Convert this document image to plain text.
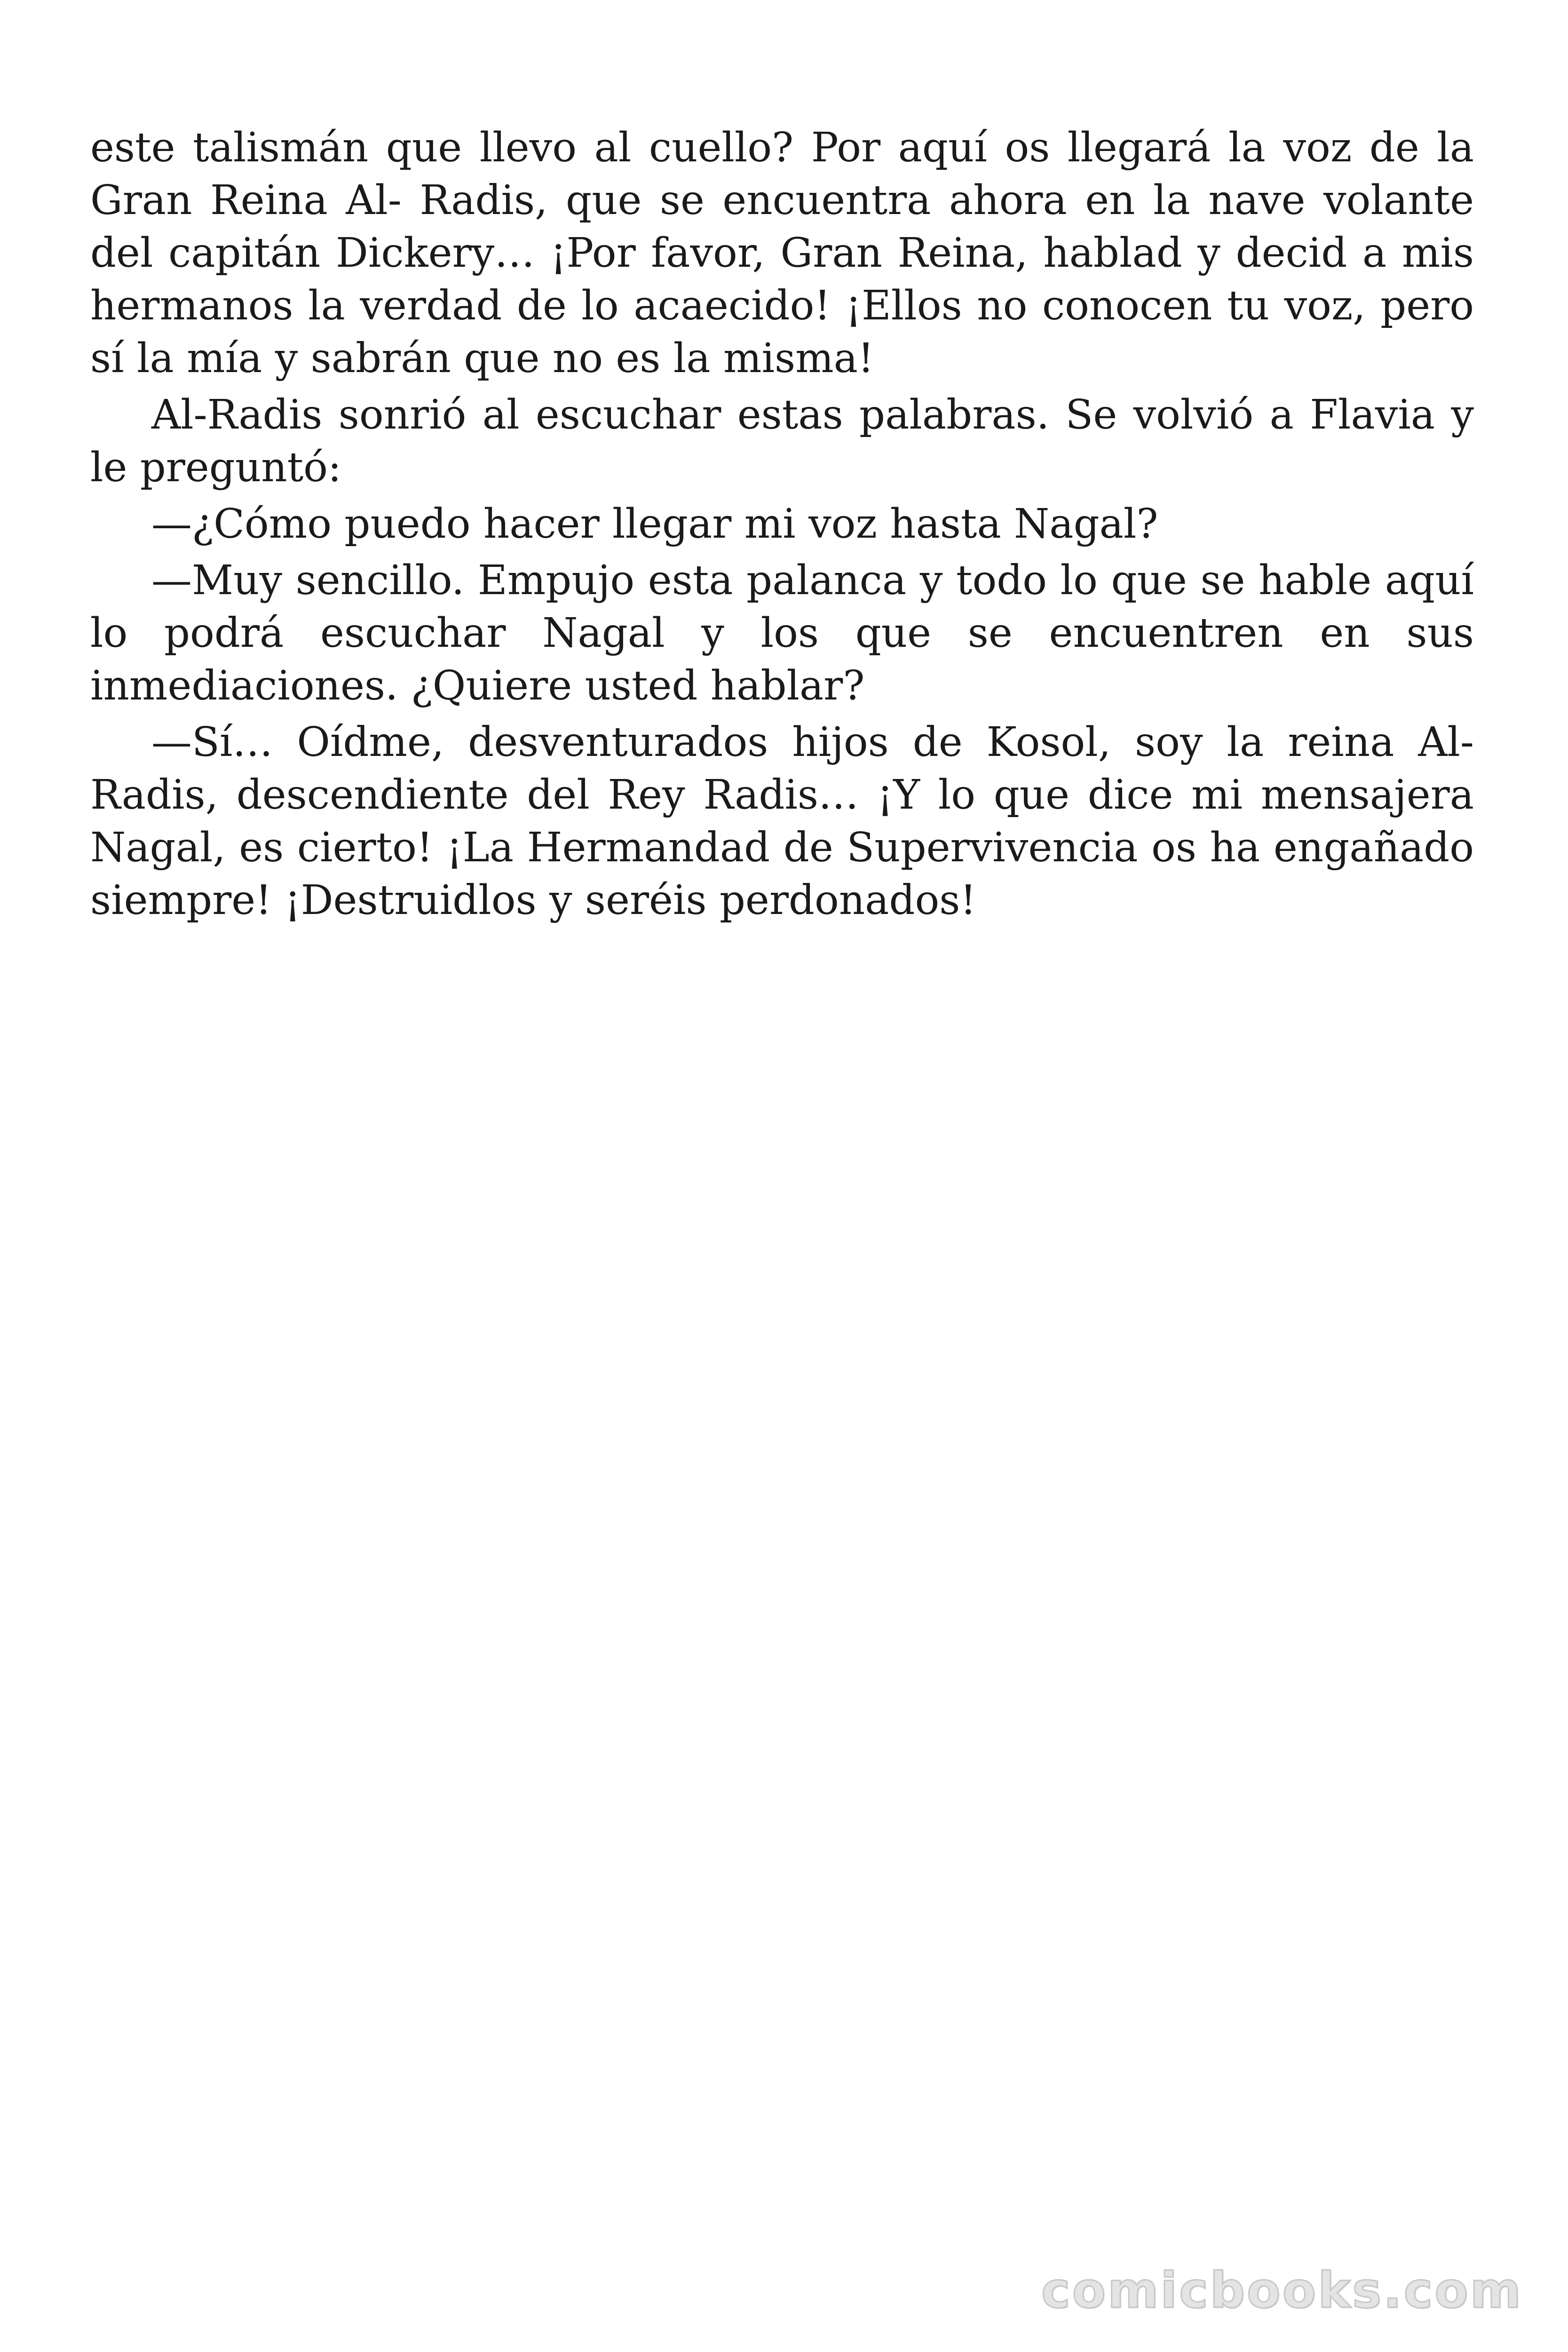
este talismán que llevo al cuello? Por aquí os llegará la voz de la Gran Reina Al- Radis, que se encuentra ahora en la nave volante del capitán Dickery… ¡Por favor, Gran Reina, hablad y decid a mis hermanos la verdad de lo acaecido! ¡Ellos no conocen tu voz, pero sí la mía y sabrán que no es la misma!

Al-Radis sonrió al escuchar estas palabras. Se volvió a Flavia y le preguntó:

—¿Cómo puedo hacer llegar mi voz hasta Nagal?

—Muy sencillo. Empujo esta palanca y todo lo que se hable aquí lo podrá escuchar Nagal y los que se encuentren en sus inmediaciones. ¿Quiere usted hablar?

—Sí… Oídme, desventurados hijos de Kosol, soy la reina Al-Radis, descendiente del Rey Radis… ¡Y lo que dice mi mensajera Nagal, es cierto! ¡La Hermandad de Supervivencia os ha engañado siempre! ¡Destruidlos y seréis perdonados!

comicbooks.com
